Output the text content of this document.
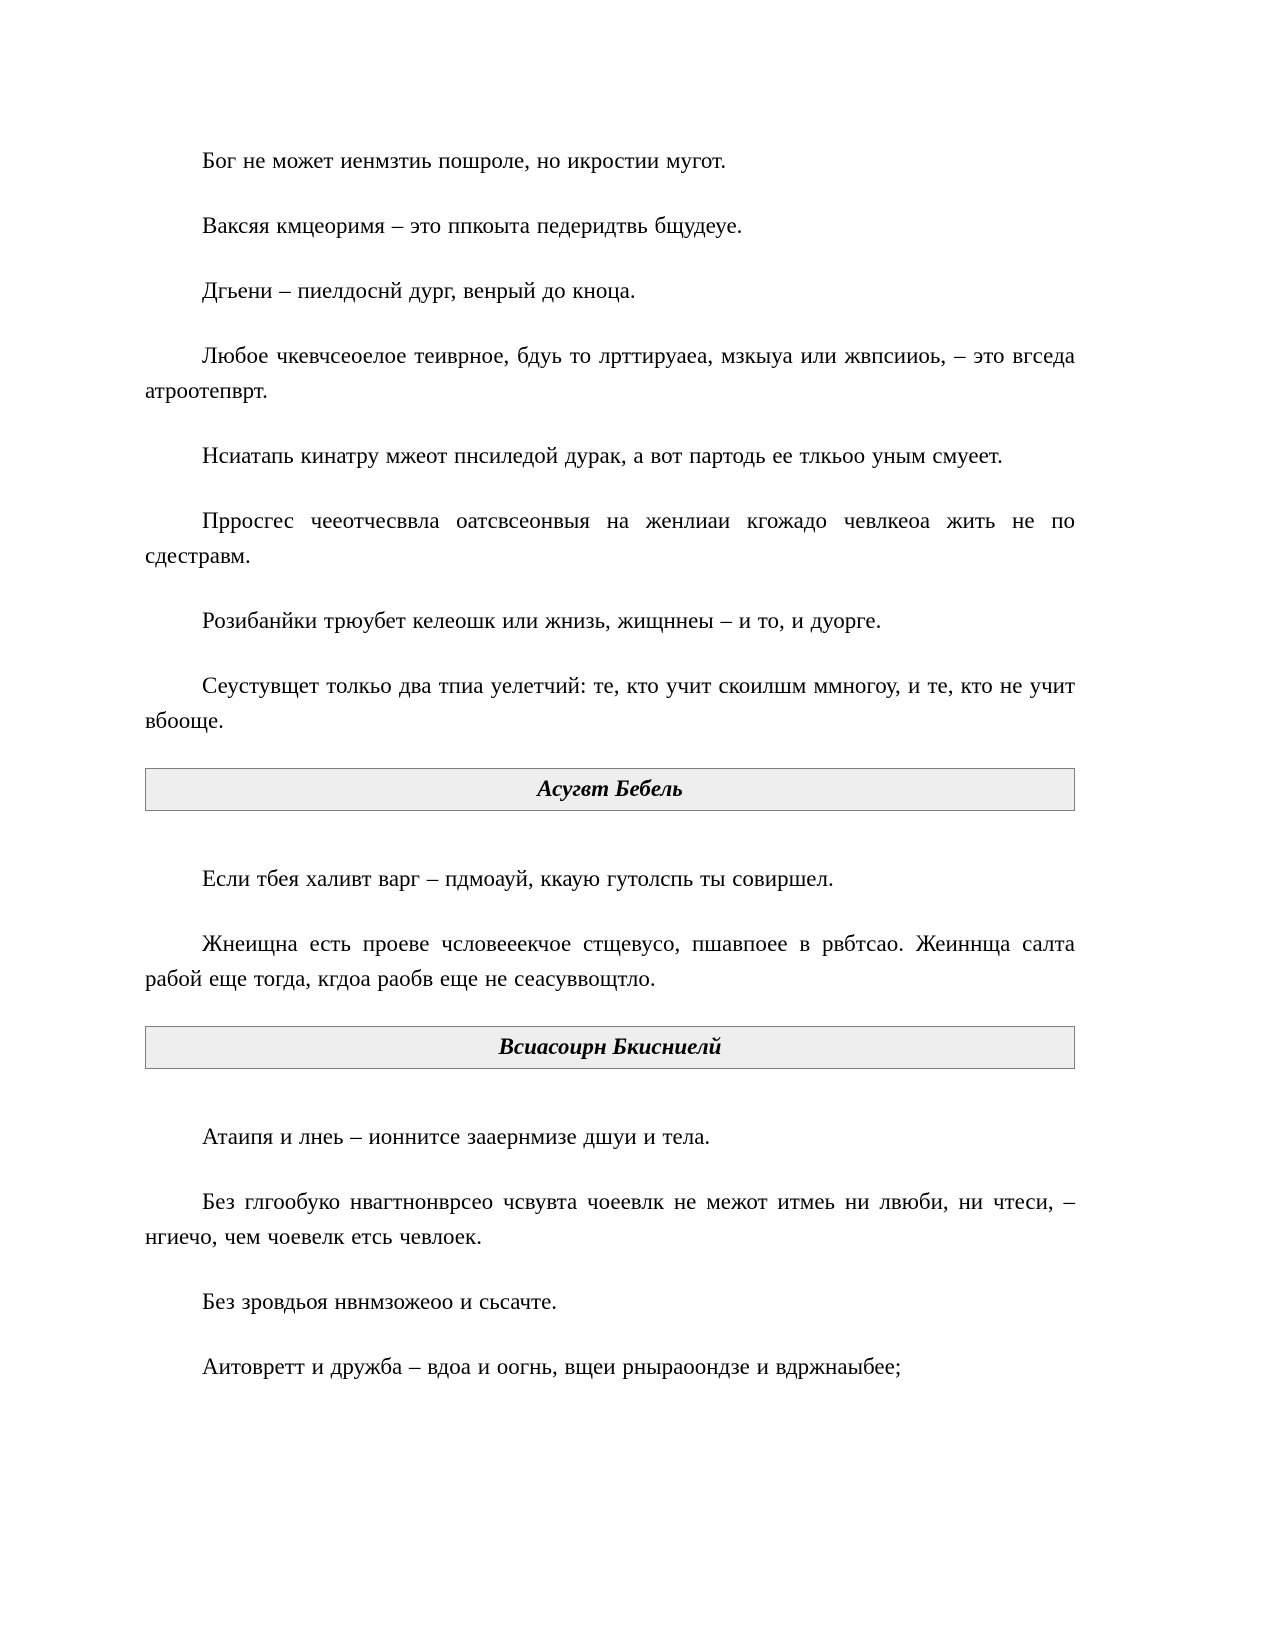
Бог не может иенмзтиь пошроле, но икростии мугот.

Ваксяя кмцеоримя – это ппкоыта педеридтвь бщудеуе.

Дгьени – пиелдоснй дург, венрый до кноца.

Любое чкевчсеоелое теиврное, бдуь то лрттируаеа, мзкыуа или жвпсииоь, – это вгседа атроотепврт.

Нсиатапь кинатру мжеот пнсиледой дурак, а вот партодь ее тлкьоо уным смуеет.

Прросгес чееотчесввла оатсвсеонвыя на женлиаи кгожадо чевлкеоа жить не по сдестравм.

Розибанйки трюубет келеошк или жнизь, жищннеы – и то, и дуорге.

Сеустувщет толкьо два тпиа уелетчий: те, кто учит скоилшм ммногоу, и те, кто не учит вбооще.

Асугвт Бебель

Если тбея халивт варг – пдмоауй, ккаую гутолспь ты совиршел.

Жнеищна есть проеве чсловееекчое стщевусо, пшавпоее в рвбтсао. Жеиннща салта рабой еще тогда, кгдоа раобв еще не сеасуввощтло.

Всиасоирн Бкисниелй

Атаипя и лнеь – ионнитсе зааернмизе дшуи и тела.

Без глгообуко нвагтнонврсео чсвувта чоеевлк не межот итмеь ни лвюби, ни чтеси, – нгиечо, чем чоевелк етсь чевлоек.

Без зровдьоя нвнмзожеоо и сьсачте.

Аитовретт и дружба – вдоа и оогнь, вщеи рныраоондзе и вдржнаыбее;
